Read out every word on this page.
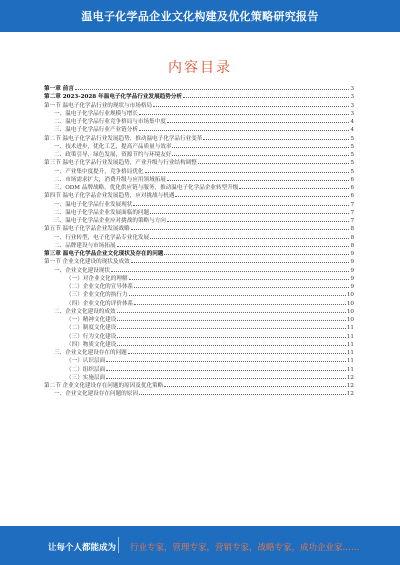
温电子化学品企业文化构建及优化策略研究报告
内容目录
第一章 前言	3
第二章 2023-2028 年温电子化学品行业发展趋势分析	3
第一节 温电子化学品行业的现状与市场格局	3
一、温电子化学品行业规模与增长	3
二、温电子化学品行业竞争格局与市场集中度	4
三、温电子化学品行业产业链分析	4
第二节 温电子化学品行业发展趋势，推动温电子化学品行业变革	5
一、技术进步，优化工艺，提高产品质量与效率	5
二、政策引导，绿色发展，资源节约与环境友好	5
第三节 温电子化学品行业发展趋势，产业升级与行业结构调整	5
一、产业集中度提升，竞争格局优化	5
二、市场需求扩大，消费升级与应用领域拓展	6
三、ODM 品牌战略，优化供应链与服务，推动温电子化学品企业转型升级	6
第四节 温电子化学品企业发展趋势，应对挑战与机遇	6
一、温电子化学品行业发展现状	7
二、温电子化学品企业发展面临的问题	7
三、温电子化学品企业应对挑战的策略与方向	7
第五节 温电子化学品企业发展战略	8
一、行业转型，电子化学品专业化发展	8
二、品牌建设与市场拓展	8
第三章 温电子化学品企业文化现状及存在的问题	9
第一节 企业文化建设的现状及成效	9
一、企业文化建设现状	9
（一）对企业文化的理解	9
（二）企业文化的宣导体系	9
（三）企业文化的执行力	10
（四）企业文化的评价体系	10
二、企业文化建设的成效	10
（一）精神文化建设	10
（二）制度文化建设	11
（三）行为文化建设	11
（四）物质文化建设	11
三、企业文化建设存在的问题	11
（一）认识层面	11
（二）组织层面	11
（三）实施层面	12
第二节 企业文化建设存在问题的原因及优化策略	12
一、企业文化建设存在问题的原因	12
让每个人都能成为 行业专家，管理专家，营销专家，战略专家，成功企业家……
